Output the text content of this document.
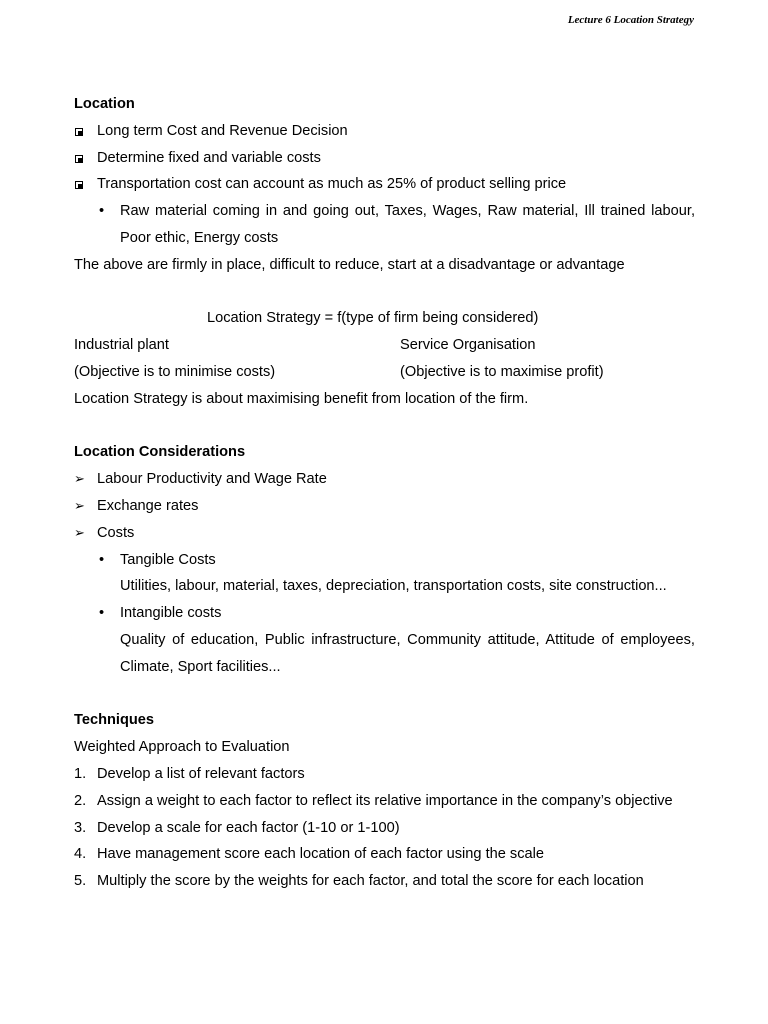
Lecture 6 Location Strategy
Location
Long term Cost and Revenue Decision
Determine fixed and variable costs
Transportation cost can account as much as 25% of product selling price
• Raw material coming in and going out, Taxes, Wages, Raw material, Ill trained labour, Poor ethic, Energy costs
The above are firmly in place, difficult to reduce, start at a disadvantage or advantage
Location Strategy = f(type of firm being considered)
Industrial plant	Service Organisation
(Objective is to minimise costs)	(Objective is to maximise profit)
Location Strategy is about maximising benefit from location of the firm.
Location Considerations
➢ Labour Productivity and Wage Rate
➢ Exchange rates
➢ Costs
• Tangible Costs
Utilities, labour, material, taxes, depreciation, transportation costs, site construction...
• Intangible costs
Quality of education, Public infrastructure, Community attitude, Attitude of employees, Climate, Sport facilities...
Techniques
Weighted Approach to Evaluation
1. Develop a list of relevant factors
2. Assign a weight to each factor to reflect its relative importance in the company’s objective
3. Develop a scale for each factor (1-10 or 1-100)
4. Have management score each location of each factor using the scale
5. Multiply the score by the weights for each factor, and total the score for each location
